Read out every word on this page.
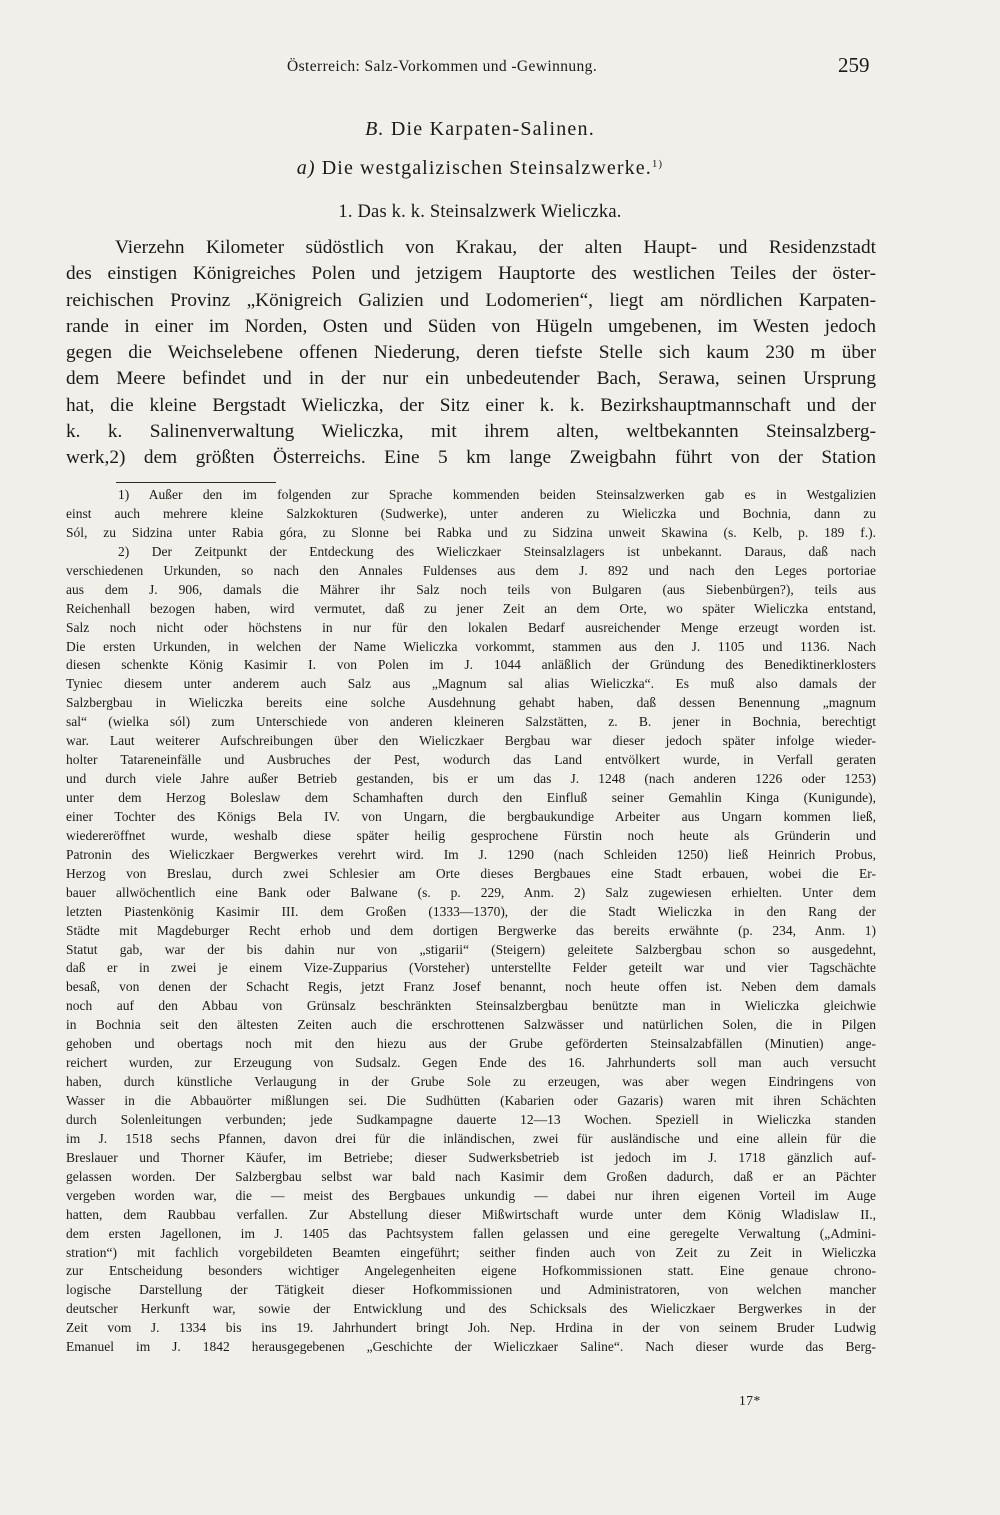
Österreich: Salz-Vorkommen und -Gewinnung.	259
B. Die Karpaten-Salinen.
a) Die westgalizischen Steinsalzwerke.$^{1)}$
1. Das k. k. Steinsalzwerk Wieliczka.
Vierzehn Kilometer südöstlich von Krakau, der alten Haupt- und Residenzstadt
des einstigen Königreiches Polen und jetzigem Hauptorte des westlichen Teiles der öster-
reichischen Provinz „Königreich Galizien und Lodomerien“, liegt am nördlichen Karpaten-
rande in einer im Norden, Osten und Süden von Hügeln umgebenen, im Westen jedoch
gegen die Weichselebene offenen Niederung, deren tiefste Stelle sich kaum 230 m über
dem Meere befindet und in der nur ein unbedeutender Bach, Serawa, seinen Ursprung
hat, die kleine Bergstadt Wieliczka, der Sitz einer k. k. Bezirkshauptmannschaft und der
k. k. Salinenverwaltung Wieliczka, mit ihrem alten, weltbekannten Steinsalzberg-
werk,2) dem größten Österreichs. Eine 5 km lange Zweigbahn führt von der Station
1) Außer den im folgenden zur Sprache kommenden beiden Steinsalzwerken gab es in Westgalizien
einst auch mehrere kleine Salzkokturen (Sudwerke), unter anderen zu Wieliczka und Bochnia, dann zu
Sól, zu Sidzina unter Rabia góra, zu Slonne bei Rabka und zu Sidzina unweit Skawina (s. Kelb, p. 189 f.).
2) Der Zeitpunkt der Entdeckung des Wieliczkaer Steinsalzlagers ist unbekannt. Daraus, daß nach
verschiedenen Urkunden, so nach den Annales Fuldenses aus dem J. 892 und nach den Leges portoriae
aus dem J. 906, damals die Mährer ihr Salz noch teils von Bulgaren (aus Siebenbürgen?), teils aus
Reichenhall bezogen haben, wird vermutet, daß zu jener Zeit an dem Orte, wo später Wieliczka entstand,
Salz noch nicht oder höchstens in nur für den lokalen Bedarf ausreichender Menge erzeugt worden ist.
Die ersten Urkunden, in welchen der Name Wieliczka vorkommt, stammen aus den J. 1105 und 1136. Nach
diesen schenkte König Kasimir I. von Polen im J. 1044 anläßlich der Gründung des Benediktinerklosters
Tyniec diesem unter anderem auch Salz aus „Magnum sal alias Wieliczka“. Es muß also damals der
Salzbergbau in Wieliczka bereits eine solche Ausdehnung gehabt haben, daß dessen Benennung „magnum
sal“ (wielka sól) zum Unterschiede von anderen kleineren Salzstätten, z. B. jener in Bochnia, berechtigt
war. Laut weiterer Aufschreibungen über den Wieliczkaer Bergbau war dieser jedoch später infolge wieder-
holter Tatareneinfälle und Ausbruches der Pest, wodurch das Land entvölkert wurde, in Verfall geraten
und durch viele Jahre außer Betrieb gestanden, bis er um das J. 1248 (nach anderen 1226 oder 1253)
unter dem Herzog Boleslaw dem Schamhaften durch den Einfluß seiner Gemahlin Kinga (Kunigunde),
einer Tochter des Königs Bela IV. von Ungarn, die bergbaukundige Arbeiter aus Ungarn kommen ließ,
wiedereröffnet wurde, weshalb diese später heilig gesprochene Fürstin noch heute als Gründerin und
Patronin des Wieliczkaer Bergwerkes verehrt wird. Im J. 1290 (nach Schleiden 1250) ließ Heinrich Probus,
Herzog von Breslau, durch zwei Schlesier am Orte dieses Bergbaues eine Stadt erbauen, wobei die Er-
bauer allwöchentlich eine Bank oder Balwane (s. p. 229, Anm. 2) Salz zugewiesen erhielten. Unter dem
letzten Piastenkönig Kasimir III. dem Großen (1333—1370), der die Stadt Wieliczka in den Rang der
Städte mit Magdeburger Recht erhob und dem dortigen Bergwerke das bereits erwähnte (p. 234, Anm. 1)
Statut gab, war der bis dahin nur von „stigarii“ (Steigern) geleitete Salzbergbau schon so ausgedehnt,
daß er in zwei je einem Vize-Zupparius (Vorsteher) unterstellte Felder geteilt war und vier Tagschächte
besaß, von denen der Schacht Regis, jetzt Franz Josef benannt, noch heute offen ist. Neben dem damals
noch auf den Abbau von Grünsalz beschränkten Steinsalzbergbau benützte man in Wieliczka gleichwie
in Bochnia seit den ältesten Zeiten auch die erschrottenen Salzwässer und natürlichen Solen, die in Pilgen
gehoben und obertags noch mit den hiezu aus der Grube geförderten Steinsalzabfällen (Minutien) ange-
reichert wurden, zur Erzeugung von Sudsalz. Gegen Ende des 16. Jahrhunderts soll man auch versucht
haben, durch künstliche Verlaugung in der Grube Sole zu erzeugen, was aber wegen Eindringens von
Wasser in die Abbauörter mißlungen sei. Die Sudhütten (Kabarien oder Gazaris) waren mit ihren Schächten
durch Solenleitungen verbunden; jede Sudkampagne dauerte 12—13 Wochen. Speziell in Wieliczka standen
im J. 1518 sechs Pfannen, davon drei für die inländischen, zwei für ausländische und eine allein für die
Breslauer und Thorner Käufer, im Betriebe; dieser Sudwerksbetrieb ist jedoch im J. 1718 gänzlich auf-
gelassen worden. Der Salzbergbau selbst war bald nach Kasimir dem Großen dadurch, daß er an Pächter
vergeben worden war, die — meist des Bergbaues unkundig — dabei nur ihren eigenen Vorteil im Auge
hatten, dem Raubbau verfallen. Zur Abstellung dieser Mißwirtschaft wurde unter dem König Wladislaw II.,
dem ersten Jagellonen, im J. 1405 das Pachtsystem fallen gelassen und eine geregelte Verwaltung („Admini-
stration“) mit fachlich vorgebildeten Beamten eingeführt; seither finden auch von Zeit zu Zeit in Wieliczka
zur Entscheidung besonders wichtiger Angelegenheiten eigene Hofkommissionen statt. Eine genaue chrono-
logische Darstellung der Tätigkeit dieser Hofkommissionen und Administratoren, von welchen mancher
deutscher Herkunft war, sowie der Entwicklung und des Schicksals des Wieliczkaer Bergwerkes in der
Zeit vom J. 1334 bis ins 19. Jahrhundert bringt Joh. Nep. Hrdina in der von seinem Bruder Ludwig
Emanuel im J. 1842 herausgegebenen „Geschichte der Wieliczkaer Saline“. Nach dieser wurde das Berg-
17*
